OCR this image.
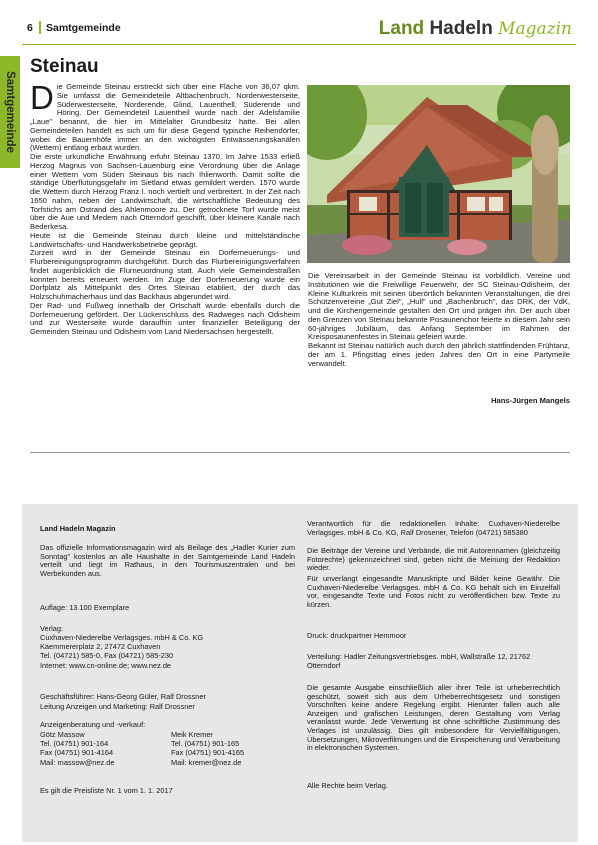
6 Samtgemeinde	Land Hadeln Magazin
Samtgemeinde
Steinau
D ie Gemeinde Steinau erstreckt sich über eine Fläche von 36,07 qkm. Sie umfasst die Gemeindeteile Altbachenbruch, Norderwesterseite, Süderwesterseite, Norderende, Glind, Lauenthell, Süderende und Höring. Der Gemeindeteil Lauentheil wurde nach der Adelsfamilie „Laue" benannt, die hier im Mittelalter Grundbesitz hatte. Bei allen Gemeindeteilen handelt es sich um für diese Gegend typische Reihendörfer, wobei die Bauernhöfe immer an den wichtigsten Entwässerungskanälen (Wettern) entlang erbaut wurden.

Die erste urkundliche Erwähnung erfuhr Steinau 1370. Im Jahre 1533 erließ Herzog Magnus von Sachsen-Lauenburg eine Verordnung über die Anlage einer Wettern vom Süden Steinaus bis nach Ihlienworth. Damit sollte die ständige Überflutungsgefahr im Sietland etwas gemildert werden. 1570 wurde die Wettern durch Herzog Franz I. noch vertieft und verbreitert. In der Zeit nach 1650 nahm, neben der Landwirtschaft, die wirtschaftliche Bedeutung des Torfstichs am Ostrand des Ahlenmoore zu. Der getrocknete Torf wurde meist über die Aue und Medem nach Otterndorf geschifft, über kleinere Kanäle nach Bederkesa.

Heute ist die Gemeinde Steinau durch kleine und mittelständische Landwirtschafts- und Handwerksbetriebe geprägt.

Zurzeit wird in der Gemeinde Steinau ein Dorferneuerungs- und Flurbereinigungsprogramm durchgeführt. Durch das Flurbereinigungsverfahren findet augenblicklich die Flurneuordnung statt. Auch viele Gemeindestraßen konnten bereits erneuert werden. Im Zuge der Dorferneuerung wurde ein Dorfplatz als Mittelpunkt des Ortes Steinau etabliert, der durch das Holzschuhmacherhaus und das Backhaus abgerundet wird.

Der Rad- und Fußweg innerhalb der Ortschaft wurde ebenfalls durch die Dorferneuerung gefördert. Der Lückenschluss des Radweges nach Odisheim und zur Westerseite wurde daraufhin unter finanzieller Beteiligung der Gemeinden Steinau und Odisheim vom Land Niedersachsen hergestellt.

Die Vereinsarbeit in der Gemeinde Steinau ist vorbildlich. Vereine und Institutionen wie die Freiwillige Feuerwehr, der SC Steinau-Odisheim, der Kleine Kulturkreis mit seinen überörtlich bekannten Veranstaltungen, die drei Schützenvereine „Gut Ziel", „Hull" und „Bachenbruch", das DRK, der VdK, und die Kirchengemeinde gestalten den Ort und prägen ihn. Der auch über den Grenzen von Steinau bekannte Posaunenchor feierte in diesem Jahr sein 60-jähriges Jubiläum, das Anfang September im Rahmen der Kreisposaunenfestes in Steinau gefeiert wurde.

Bekannt ist Steinau natürlich auch durch den jährlich stattfindenden Frühtanz, der am 1. Pfingsttag eines jeden Jahres den Ort in eine Partymeile verwandelt.

Hans-Jürgen Mangels
Land Hadeln Magazin
Das offizielle Informationsmagazin wird als Beilage des „Hadler Kurier zum Sonntag" kostenlos an alle Haushalte in der Samtgemeinde Land Hadeln verteilt und liegt im Rathaus, in den Tourismuszentralen und bei Werbekunden aus.
Auflage: 13.100 Exemplare
Verlag:
Cuxhaven-Niederelbe Verlagsges. mbH & Co. KG
Kaemmererplatz 2, 27472 Cuxhaven
Tel. (04721) 585-0, Fax (04721) 585-230
Internet: www.cn-online.de; www.nez.de
Geschäftsführer: Hans-Georg Güler, Ralf Drossner
Leitung Anzeigen und Marketing: Ralf Drossner
Anzeigenberatung und -verkauf:
Götz Massow
Tel. (04751) 901-164
Fax (04751) 901-4164
Mail: massow@nez.de
Meik Kremer
Tel. (04751) 901-165
Fax (04751) 901-4165
Mail: kremer@nez.de
Es gilt die Preisliste Nr. 1 vom 1. 1. 2017
Verantwortlich für die redaktionellen Inhalte: Cuxhaven-Niederelbe Verlagsges. mbH & Co. KG, Ralf Drosener, Telefon (04721) 585380
Die Beiträge der Vereine und Verbände, die mit Autorennamen (gleichzeitig Fotorechte) gekennzeichnet sind, geben nicht die Meinung der Redaktion wieder.
Für unverlangt eingesandte Manuskripte und Bilder keine Gewähr. Die Cuxhaven-Niederelbe Verlagsges. mbH & Co. KG behält sich im Einzelfall vor, eingesandte Texte und Fotos nicht zu veröffentlichen bzw. Texte zu kürzen.
Druck: druckpartner Hemmoor
Verteilung: Hadler Zeitungsvertriebsges. mbH, Wallstraße 12, 21762 Otterndorf
Die gesamte Ausgabe einschließlich aller ihrer Teile ist urheberrechtlich geschützt, soweit sich aus dem Urheberrechtsgesetz und sonstigen Vorschriften keine andere Regelung ergibt. Hierunter fallen auch alle Anzeigen und grafischen Leistungen, deren Gestaltung vom Verlag veranlasst wurde. Jede Verwertung ist ohne schriftliche Zustimmung des Verlages ist unzulässig. Dies gilt insbesondere für Vervielfältigungen, Übersetzungen, Mikroverfilmungen und die Einspeicherung und Verarbeitung in elektronischen Systemen.
Alle Rechte beim Verlag.
